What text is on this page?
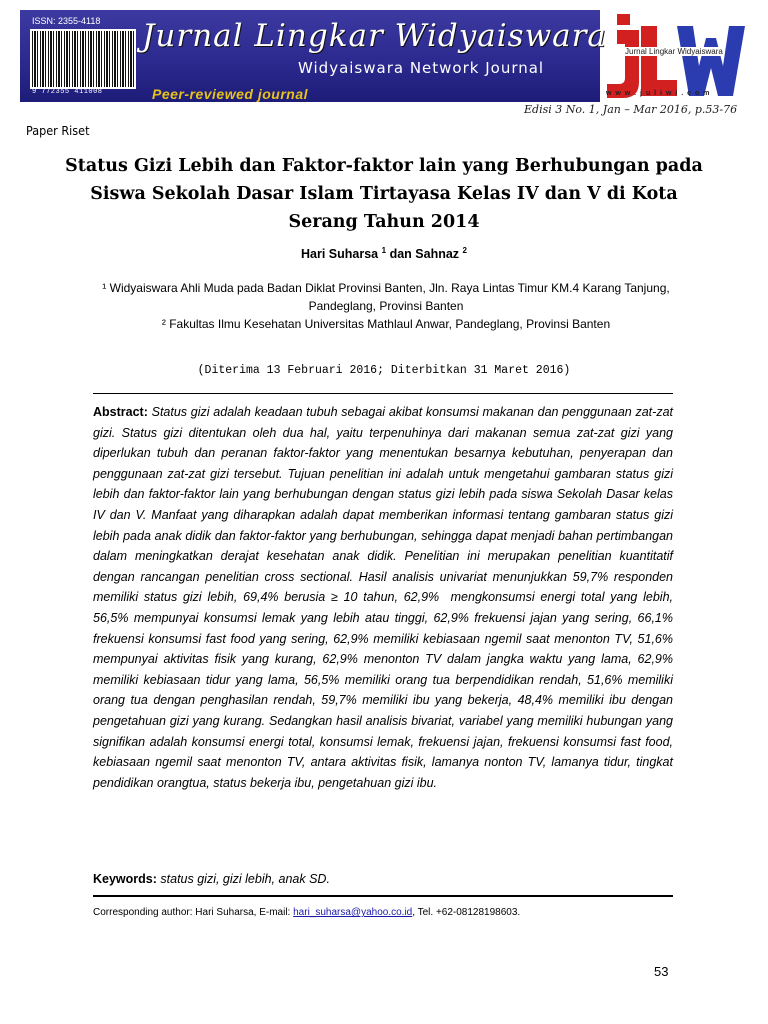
ISSN: 2355-4118
9 772355 411008
Jurnal Lingkar Widyaiswara
Widyaiswara Network Journal
Peer-reviewed journal
Jurnal Lingkar Widyaiswara
w w w . j u l i w i . c o m
Edisi 3 No. 1, Jan – Mar 2016, p.53-76
Paper Riset
Status Gizi Lebih dan Faktor-faktor lain yang Berhubungan pada Siswa Sekolah Dasar Islam Tirtayasa Kelas IV dan V di Kota Serang Tahun 2014
Hari Suharsa $^1$ dan Sahnaz $^2$
¹ Widyaiswara Ahli Muda pada Badan Diklat Provinsi Banten, Jln. Raya Lintas Timur KM.4 Karang Tanjung,
Pandeglang, Provinsi Banten
² Fakultas Ilmu Kesehatan Universitas Mathlaul Anwar, Pandeglang, Provinsi Banten
(Diterima 13 Februari 2016; Diterbitkan 31 Maret 2016)

Abstract: Status gizi adalah keadaan tubuh sebagai akibat konsumsi makanan dan penggunaan zat-zat gizi. Status gizi ditentukan oleh dua hal, yaitu terpenuhinya dari makanan semua zat-zat gizi yang diperlukan tubuh dan peranan faktor-faktor yang menentukan besarnya kebutuhan, penyerapan dan penggunaan zat-zat gizi tersebut. Tujuan penelitian ini adalah untuk mengetahui gambaran status gizi lebih dan faktor-faktor lain yang berhubungan dengan status gizi lebih pada siswa Sekolah Dasar kelas IV dan V. Manfaat yang diharapkan adalah dapat memberikan informasi tentang gambaran status gizi lebih pada anak didik dan faktor-faktor yang berhubungan, sehingga dapat menjadi bahan pertimbangan dalam meningkatkan derajat kesehatan anak didik. Penelitian ini merupakan penelitian kuantitatif dengan rancangan penelitian cross sectional. Hasil analisis univariat menunjukkan 59,7% responden memiliki status gizi lebih, 69,4% berusia ≥ 10 tahun, 62,9%  mengkonsumsi energi total yang lebih, 56,5% mempunyai konsumsi lemak yang lebih atau tinggi, 62,9% frekuensi jajan yang sering, 66,1% frekuensi konsumsi fast food yang sering, 62,9% memiliki kebiasaan ngemil saat menonton TV, 51,6% mempunyai aktivitas fisik yang kurang, 62,9% menonton TV dalam jangka waktu yang lama, 62,9% memiliki kebiasaan tidur yang lama, 56,5% memiliki orang tua berpendidikan rendah, 51,6% memiliki orang tua dengan penghasilan rendah, 59,7% memiliki ibu yang bekerja, 48,4% memiliki ibu dengan pengetahuan gizi yang kurang. Sedangkan hasil analisis bivariat, variabel yang memiliki hubungan yang signifikan adalah konsumsi energi total, konsumsi lemak, frekuensi jajan, frekuensi konsumsi fast food, kebiasaan ngemil saat menonton TV, antara aktivitas fisik, lamanya nonton TV, lamanya tidur, tingkat pendidikan orangtua, status bekerja ibu, pengetahuan gizi ibu.

Keywords: status gizi, gizi lebih, anak SD.
Corresponding author: Hari Suharsa, E-mail: hari_suharsa@yahoo.co.id, Tel. +62-08128198603.
53
